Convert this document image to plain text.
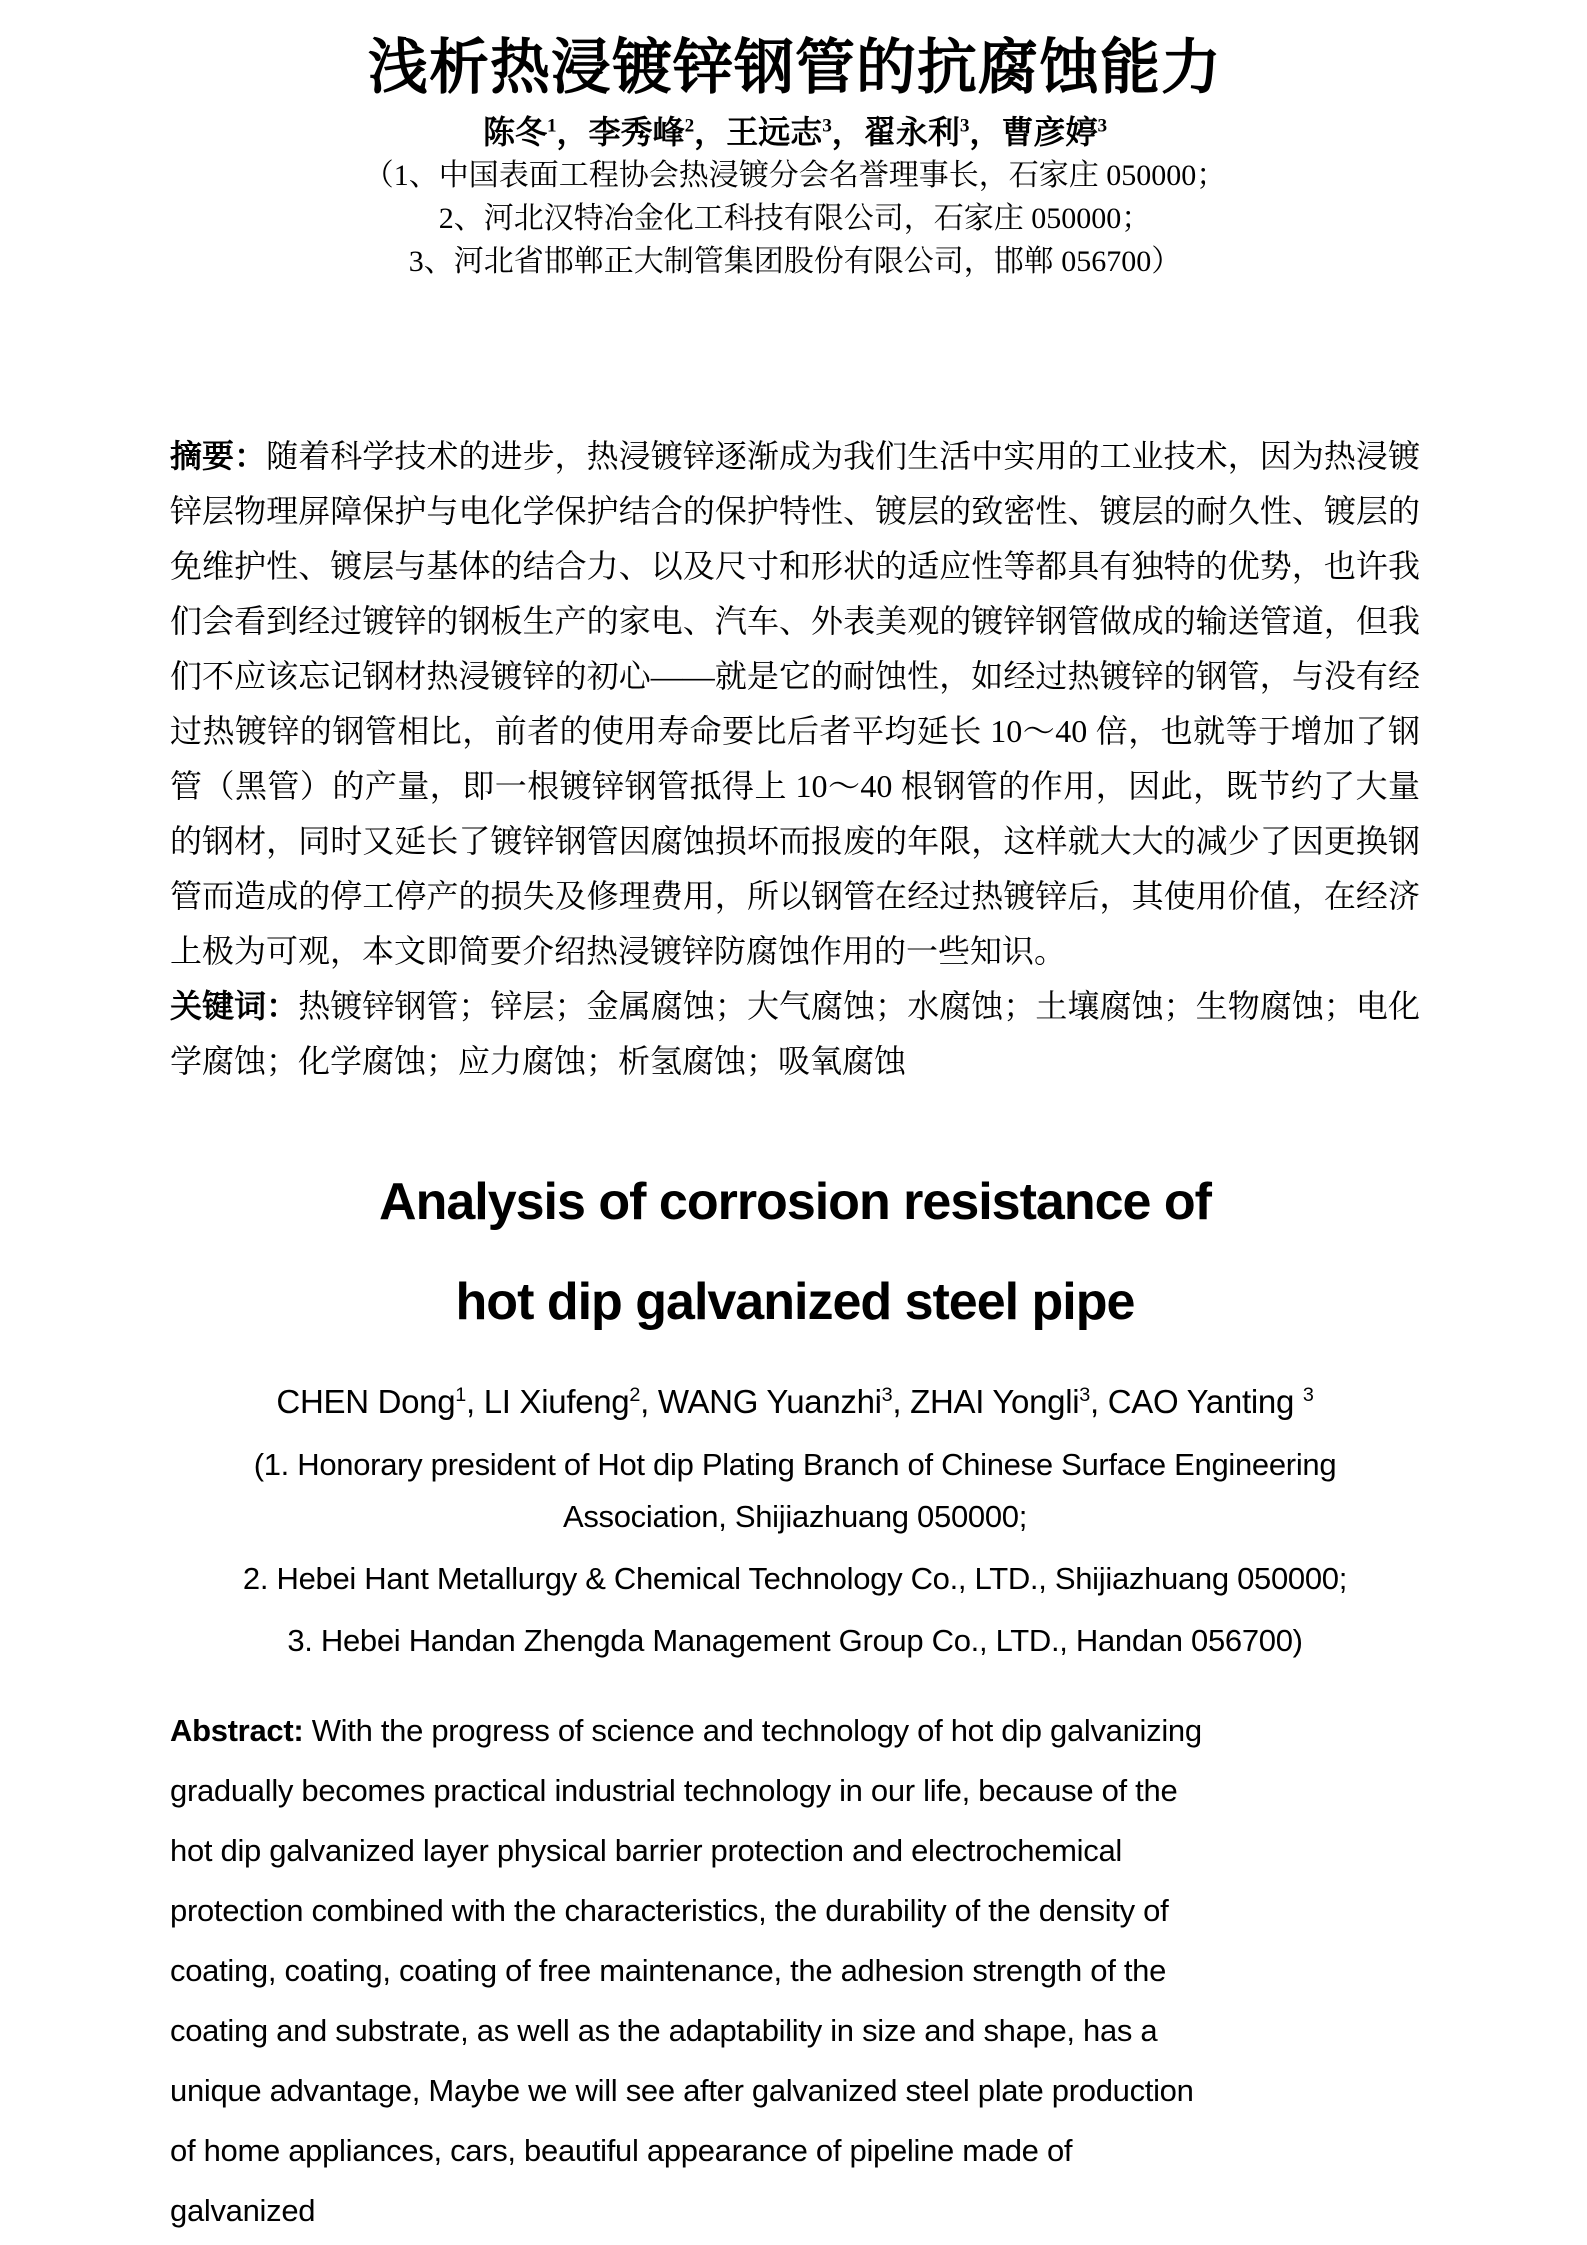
浅析热浸镀锌钢管的抗腐蚀能力
陈冬$^1$，李秀峰$^2$，王远志$^3$，翟永利$^3$，曹彦婷$^3$
（1、中国表面工程协会热浸镀分会名誉理事长，石家庄 050000；
2、河北汉特冶金化工科技有限公司，石家庄 050000；
3、河北省邯郸正大制管集团股份有限公司，邯郸 056700）
摘要：随着科学技术的进步，热浸镀锌逐渐成为我们生活中实用的工业技术，因为热浸镀锌层物理屏障保护与电化学保护结合的保护特性、镀层的致密性、镀层的耐久性、镀层的免维护性、镀层与基体的结合力、以及尺寸和形状的适应性等都具有独特的优势，也许我们会看到经过镀锌的钢板生产的家电、汽车、外表美观的镀锌钢管做成的输送管道，但我们不应该忘记钢材热浸镀锌的初心——就是它的耐蚀性，如经过热镀锌的钢管，与没有经过热镀锌的钢管相比，前者的使用寿命要比后者平均延长 10～40 倍，也就等于增加了钢管（黑管）的产量，即一根镀锌钢管抵得上 10～40 根钢管的作用，因此，既节约了大量的钢材，同时又延长了镀锌钢管因腐蚀损坏而报废的年限，这样就大大的减少了因更换钢管而造成的停工停产的损失及修理费用，所以钢管在经过热镀锌后，其使用价值，在经济上极为可观，本文即简要介绍热浸镀锌防腐蚀作用的一些知识。
关键词：热镀锌钢管；锌层；金属腐蚀；大气腐蚀；水腐蚀；土壤腐蚀；生物腐蚀；电化学腐蚀；化学腐蚀；应力腐蚀；析氢腐蚀；吸氧腐蚀
Analysis of corrosion resistance of
hot dip galvanized steel pipe
CHEN Dong$^1$, LI Xiufeng$^2$, WANG Yuanzhi$^3$, ZHAI Yongli$^3$, CAO Yanting $^3$
(1. Honorary president of Hot dip Plating Branch of Chinese Surface Engineering Association, Shijiazhuang 050000;
2. Hebei Hant Metallurgy & Chemical Technology Co., LTD., Shijiazhuang 050000;
3. Hebei Handan Zhengda Management Group Co., LTD., Handan 056700)
Abstract: With the progress of science and technology of hot dip galvanizing gradually becomes practical industrial technology in our life, because of the hot dip galvanized layer physical barrier protection and electrochemical protection combined with the characteristics, the durability of the density of coating, coating, coating of free maintenance, the adhesion strength of the coating and substrate, as well as the adaptability in size and shape, has a unique advantage, Maybe we will see after galvanized steel plate production of home appliances, cars, beautiful appearance of pipeline made of galvanized
